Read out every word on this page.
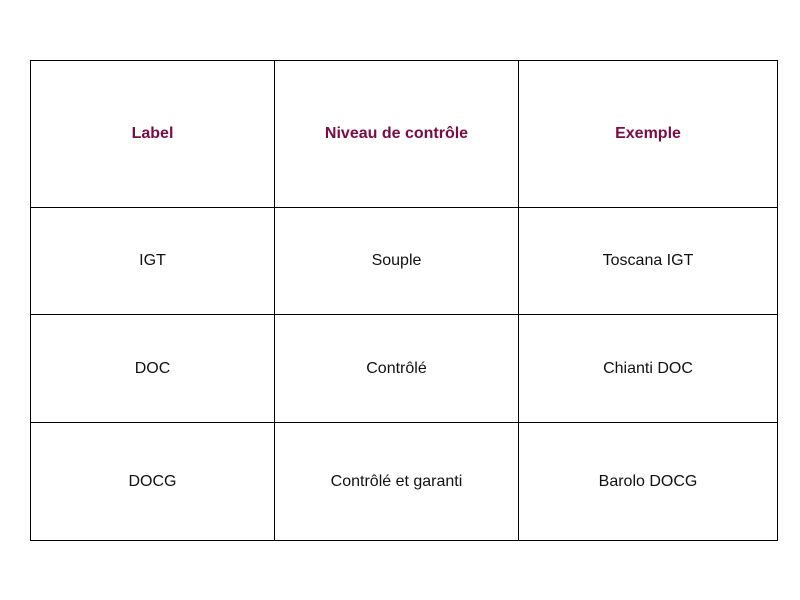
Label	Niveau de contrôle	Exemple
IGT	Souple	Toscana IGT
DOC	Contrôlé	Chianti DOC
DOCG	Contrôlé et garanti	Barolo DOCG
